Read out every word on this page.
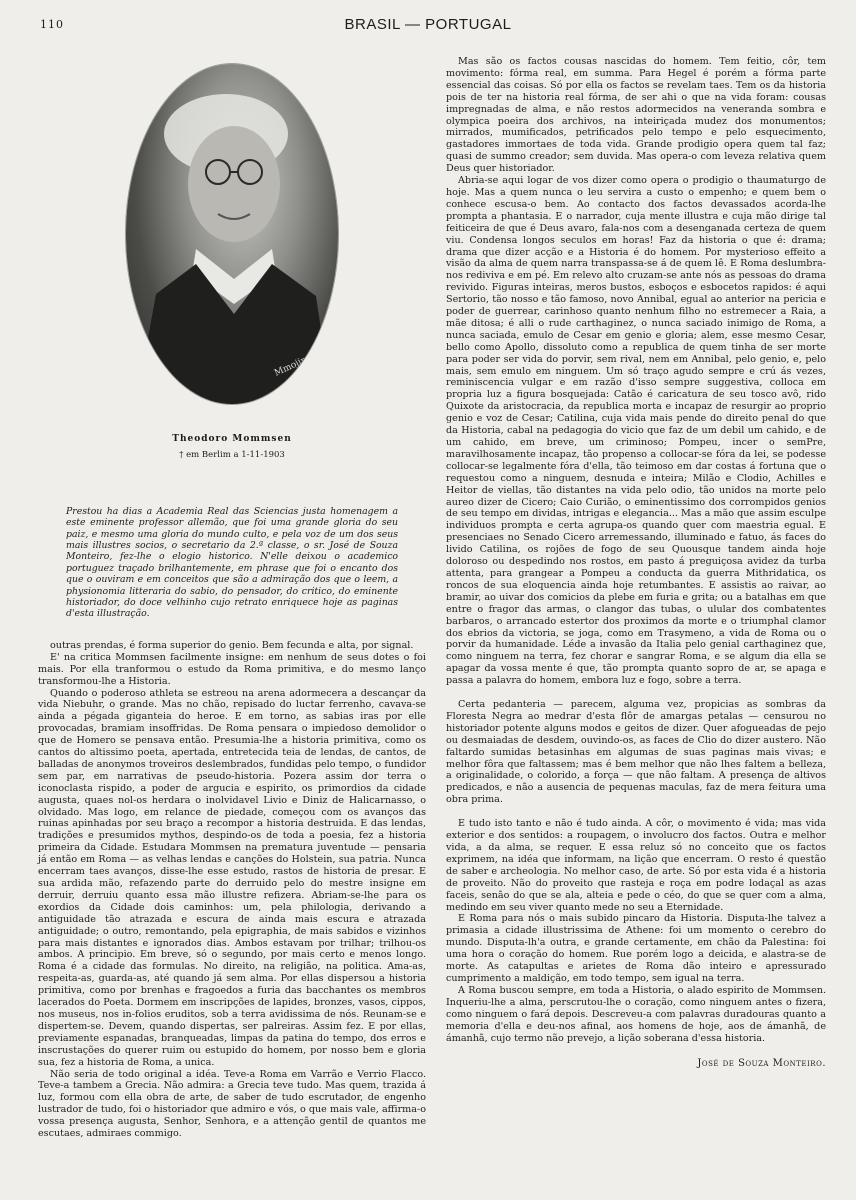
110	BRASIL — PORTUGAL
Mmojin 38
Theodoro Mommsen
† em Berlim a 1-11-1903
Prestou ha dias a Academia Real das Sciencias justa homenagem a este eminente professor allemão, que foi uma grande gloria do seu paiz, e mesmo uma gloria do mundo culto, e pela voz de um dos seus mais illustres socios, o secretario da 2.ª classe, o sr. José de Souza Monteiro, fez-lhe o elogio historico. N'elle deixou o academico portuguez traçado brilhantemente, em phrase que foi o encanto dos que o ouviram e em conceitos que são a admiração dos que o leem, a physionomia litteraria do sabio, do pensador, do critico, do eminente historiador, do doce velhinho cujo retrato enriquece hoje as paginas d'esta illustração.

outras prendas, é forma superior do genio. Bem fecunda e alta, por signal.

E' na critica Mommsen facilmente insigne: em nenhum de seus dotes o foi mais. Por ella tranformou o estudo da Roma primitiva, e do mesmo lanço transformou-lhe a Historia.

Quando o poderoso athleta se estreou na arena adormecera a descançar da vida Niebuhr, o grande. Mas no chão, repisado do luctar ferrenho, cavava-se ainda a pégada giganteia do heroe. E em torno, as sabias iras por elle provocadas, bramiam insoffridas. De Roma pensara o impiedoso demolidor o que de Homero se pensava então. Presumia-lhe a historia primitiva, como os cantos do altissimo poeta, apertada, entretecida teia de lendas, de cantos, de balladas de anonymos troveiros deslembrados, fundidas pelo tempo, o fundidor sem par, em narrativas de pseudo-historia. Pozera assim dor terra o iconoclasta rispido, a poder de argucia e espirito, os primordios da cidade augusta, quaes nol-os herdara o inolvidavel Livio e Diniz de Halicarnasso, o olvidado. Mas logo, em relance de piedade, começou com os avanços das ruinas apinhadas por seu braço a recompor a historia destruida. E das lendas, tradições e presumidos mythos, despindo-os de toda a poesia, fez a historia primeira da Cidade. Estudara Mommsen na prematura juventude — pensaria já então em Roma — as velhas lendas e canções do Holstein, sua patria. Nunca encerram taes avanços, disse-lhe esse estudo, rastos de historia de presar. E sua ardida mão, refazendo parte do derruido pelo do mestre insigne em derruir, derruiu quanto essa mão illustre refizera. Abriam-se-lhe para os exordios da Cidade dois caminhos: um, pela philologia, derivando a antiguidade tão atrazada e escura de ainda mais escura e atrazada antiguidade; o outro, remontando, pela epigraphia, de mais sabidos e vizinhos para mais distantes e ignorados dias. Ambos estavam por trilhar; trilhou-os ambos. A principio. Em breve, só o segundo, por mais certo e menos longo. Roma é a cidade das formulas. No direito, na religião, na politica. Ama-as, respeita-as, guarda-as, até quando já sem alma. Por ellas dispersou a historia primitiva, como por brenhas e fragoedos a furia das bacchantes os membros lacerados do Poeta. Dormem em inscripções de lapides, bronzes, vasos, cippos, nos museus, nos in-folios eruditos, sob a terra avidissima de nós. Reunam-se e dispertem-se. Devem, quando dispertas, ser palreiras. Assim fez. E por ellas, previamente espanadas, branqueadas, limpas da patina do tempo, dos erros e inscrustações do querer ruim ou estupido do homem, por nosso bem e gloria sua, fez a historia de Roma, a unica.

Não seria de todo original a idéa. Teve-a Roma em Varrão e Verrio Flacco. Teve-a tambem a Grecia. Não admira: a Grecia teve tudo. Mas quem, trazida á luz, formou com ella obra de arte, de saber de tudo escrutador, de engenho lustrador de tudo, foi o historiador que admiro e vós, o que mais vale, affirma-o vossa presença augusta, Senhor, Senhora, e a attenção gentil de quantos me escutaes, admiraes commigo.

Mas são os factos cousas nascidas do homem. Tem feitio, côr, tem movimento: fórma real, em summa. Para Hegel é porém a fórma parte essencial das coisas. Só por ella os factos se revelam taes. Tem os da historia pois de ter na historia real fórma, de ser ahi o que na vida foram: cousas impregnadas de alma, e não restos adormecidos na veneranda sombra e olympica poeira dos archivos, na inteiriçada mudez dos monumentos; mirrados, mumificados, petrificados pelo tempo e pelo esquecimento, gastadores immortaes de toda vida. Grande prodigio opera quem tal faz; quasi de summo creador; sem duvida. Mas opera-o com leveza relativa quem Deus quer historiador.

Abria-se aqui logar de vos dizer como opera o prodigio o thaumaturgo de hoje. Mas a quem nunca o leu servira a custo o empenho; e quem bem o conhece escusa-o bem. Ao contacto dos factos devassados acorda-lhe prompta a phantasia. E o narrador, cuja mente illustra e cuja mão dirige tal feiticeira de que é Deus avaro, fala-nos com a desenganada certeza de quem viu. Condensa longos seculos em horas! Faz da historia o que é: drama; drama que dizer acção e a Historia é do homem. Por mysterioso effeito a visão da alma de quem narra transpassa-se á de quem lê. E Roma deslumbra-nos rediviva e em pé. Em relevo alto cruzam-se ante nós as pessoas do drama revivido. Figuras inteiras, meros bustos, esboços e esbocetos rapidos: é aqui Sertorio, tão nosso e tão famoso, novo Annibal, egual ao anterior na pericia e poder de guerrear, carinhoso quanto nenhum filho no estremecer a Raia, a mãe ditosa; é alli o rude carthaginez, o nunca saciado inimigo de Roma, a nunca saciada, emulo de Cesar em genio e gloria; alem, esse mesmo Cesar, bello como Apollo, dissoluto como a republica de quem tinha de ser morte para poder ser vida do porvir, sem rival, nem em Annibal, pelo genio, e, pelo mais, sem emulo em ninguem. Um só traço agudo sempre e crú ás vezes, reminiscencia vulgar e em razão d'isso sempre suggestiva, colloca em propria luz a figura bosquejada: Catão é caricatura de seu tosco avô, rido Quixote da aristocracia, da republica morta e incapaz de resurgir ao proprio genio e voz de Cesar; Catilina, cuja vida mais pende do direito penal do que da Historia, cabal na pedagogia do vicio que faz de um debil um cahido, e de um cahido, em breve, um criminoso; Pompeu, incer o semPre, maravilhosamente incapaz, tão propenso a collocar-se fóra da lei, se podesse collocar-se legalmente fóra d'ella, tão teimoso em dar costas á fortuna que o requestou como a ninguem, desnuda e inteira; Milão e Clodio, Achilles e Heitor de viellas, tão distantes na vida pelo odio, tão unidos na morte pelo aureo dizer de Cicero; Caio Curião, o eminentissimo dos corrompidos genios de seu tempo em dividas, intrigas e elegancia... Mas a mão que assim esculpe individuos prompta e certa agrupa-os quando quer com maestria egual. E presenciaes no Senado Cicero arremessando, illuminado e fatuo, ás faces do livido Catilina, os rojões de fogo de seu Quousque tandem ainda hoje doloroso ou despedindo nos rostos, em pasto á preguiçosa avidez da turba attenta, para grangear a Pompeu a conducta da guerra Mithridatica, os roncos de sua eloquencia ainda hoje retumbantes. E assistis ao raivar, ao bramir, ao uivar dos comicios da plebe em furia e grita; ou a batalhas em que entre o fragor das armas, o clangor das tubas, o ulular dos combatentes barbaros, o arrancado estertor dos proximos da morte e o triumphal clamor dos ebrios da victoria, se joga, como em Trasymeno, a vida de Roma ou o porvir da humanidade. Léde a invasão da Italia pelo genial carthaginez que, como ninguem na terra, fez chorar e sangrar Roma, e se algum dia ella se apagar da vossa mente é que, tão prompta quanto sopro de ar, se apaga e passa a palavra do homem, embora luz e fogo, sobre a terra.

Certa pedanteria — parecem, alguma vez, propicias as sombras da Floresta Negra ao medrar d'esta flôr de amargas petalas — censurou no historiador potente alguns modos e geitos de dizer. Quer afogueadas de pejo ou desmaiadas de desdem, ouvindo-os, as faces de Clio do dizer austero. Não faltardo sumidas betasinhas em algumas de suas paginas mais vivas; e melhor fôra que faltassem; mas é bem melhor que não lhes faltem a belleza, a originalidade, o colorido, a força — que não faltam. A presença de altivos predicados, e não a ausencia de pequenas maculas, faz de mera feitura uma obra prima.

E tudo isto tanto e não é tudo ainda. A côr, o movimento é vida; mas vida exterior e dos sentidos: a roupagem, o involucro dos factos. Outra e melhor vida, a da alma, se requer. E essa reluz só no conceito que os factos exprimem, na idéa que informam, na lição que encerram. O resto é questão de saber e archeologia. No melhor caso, de arte. Só por esta vida é a historia de proveito. Não do proveito que rasteja e roça em podre lodaçal as azas faceis, senão do que se ala, alteia e pede o céo, do que se quer com a alma, medindo em seu viver quanto mede no seu a Eternidade.

E Roma para nós o mais subido pincaro da Historia. Disputa-lhe talvez a primasia a cidade illustrissima de Athene: foi um momento o cerebro do mundo. Disputa-lh'a outra, e grande certamente, em chão da Palestina: foi uma hora o coração do homem. Rue porém logo a deicida, e alastra-se de morte. As catapultas e arietes de Roma dão inteiro e apressurado cumprimento a maldição, em todo tempo, sem igual na terra.

A Roma buscou sempre, em toda a Historia, o alado espirito de Mommsen. Inqueriu-lhe a alma, perscrutou-lhe o coração, como ninguem antes o fizera, como ninguem o fará depois. Descreveu-a com palavras duradouras quanto a memoria d'ella e deu-nos afinal, aos homens de hoje, aos de ámanhã, de ámanhã, cujo termo não prevejo, a lição soberana d'essa historia.

José de Souza Monteiro.
